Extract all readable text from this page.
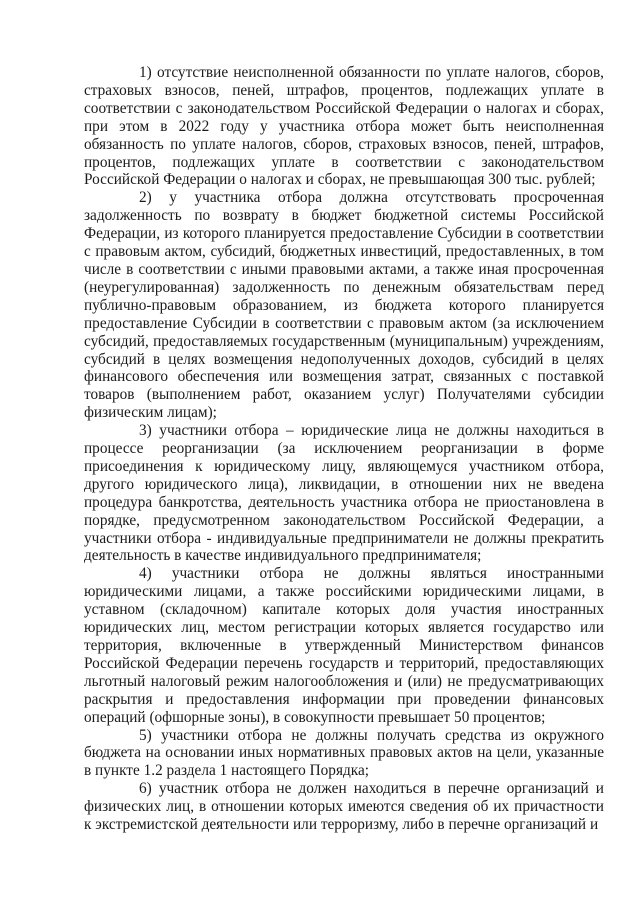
1) отсутствие неисполненной обязанности по уплате налогов, сборов, страховых взносов, пеней, штрафов, процентов, подлежащих уплате в соответствии с законодательством Российской Федерации о налогах и сборах, при этом в 2022 году у участника отбора может быть неисполненная обязанность по уплате налогов, сборов, страховых взносов, пеней, штрафов, процентов, подлежащих уплате в соответствии с законодательством Российской Федерации о налогах и сборах, не превышающая 300 тыс. рублей;

2) у участника отбора должна отсутствовать просроченная задолженность по возврату в бюджет бюджетной системы Российской Федерации, из которого планируется предоставление Субсидии в соответствии с правовым актом, субсидий, бюджетных инвестиций, предоставленных, в том числе в соответствии с иными правовыми актами, а также иная просроченная (неурегулированная) задолженность по денежным обязательствам перед публично-правовым образованием, из бюджета которого планируется предоставление Субсидии в соответствии с правовым актом (за исключением субсидий, предоставляемых государственным (муниципальным) учреждениям, субсидий в целях возмещения недополученных доходов, субсидий в целях финансового обеспечения или возмещения затрат, связанных с поставкой товаров (выполнением работ, оказанием услуг) Получателями субсидии физическим лицам);

3) участники отбора – юридические лица не должны находиться в процессе реорганизации (за исключением реорганизации в форме присоединения к юридическому лицу, являющемуся участником отбора, другого юридического лица), ликвидации, в отношении них не введена процедура банкротства, деятельность участника отбора не приостановлена в порядке, предусмотренном законодательством Российской Федерации, а участники отбора - индивидуальные предприниматели не должны прекратить деятельность в качестве индивидуального предпринимателя;

4) участники отбора не должны являться иностранными юридическими лицами, а также российскими юридическими лицами, в уставном (складочном) капитале которых доля участия иностранных юридических лиц, местом регистрации которых является государство или территория, включенные в утвержденный Министерством финансов Российской Федерации перечень государств и территорий, предоставляющих льготный налоговый режим налогообложения и (или) не предусматривающих раскрытия и предоставления информации при проведении финансовых операций (офшорные зоны), в совокупности превышает 50 процентов;

5) участники отбора не должны получать средства из окружного бюджета на основании иных нормативных правовых актов на цели, указанные в пункте 1.2 раздела 1 настоящего Порядка;

6) участник отбора не должен находиться в перечне организаций и физических лиц, в отношении которых имеются сведения об их причастности к экстремистской деятельности или терроризму, либо в перечне организаций и
